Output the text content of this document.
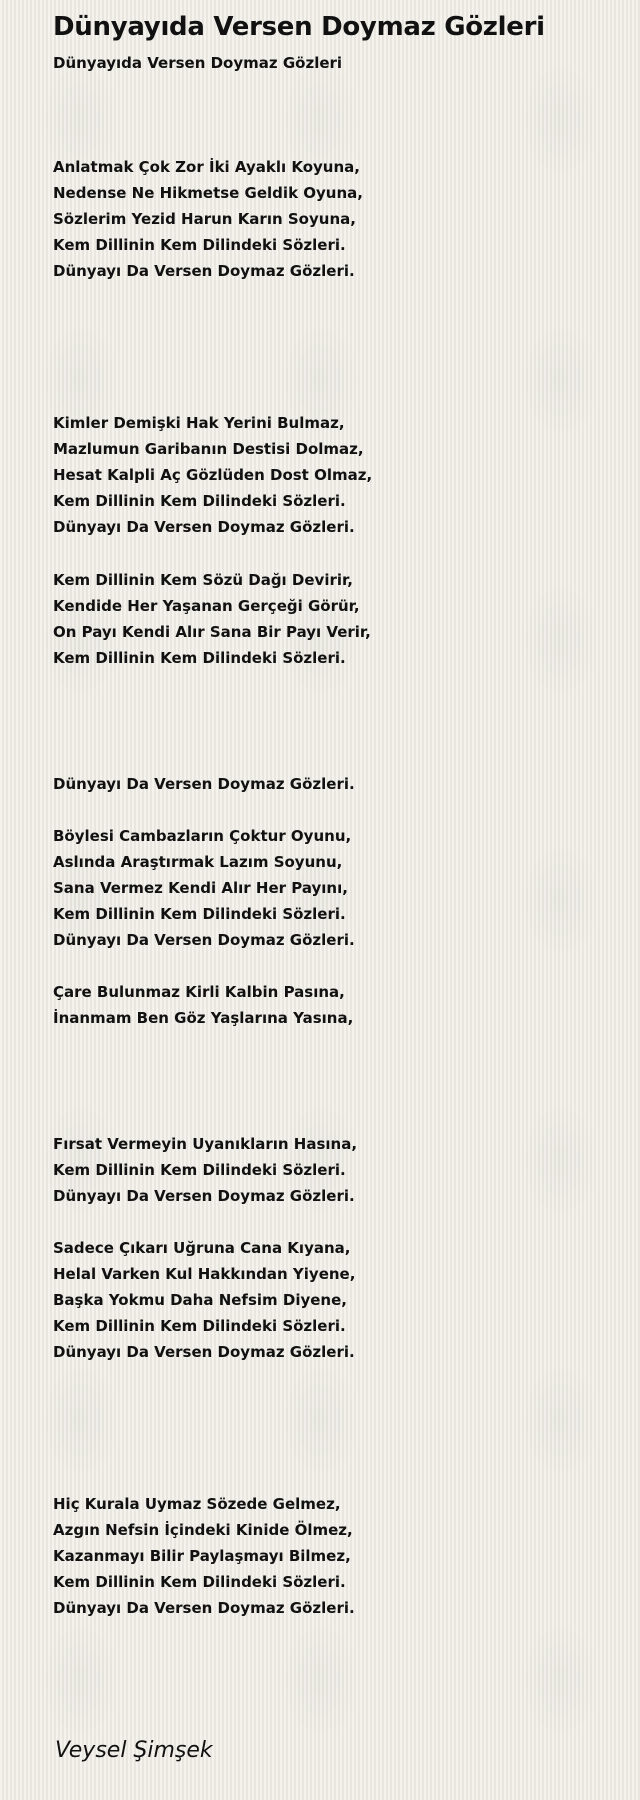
Dünyayıda Versen Doymaz Gözleri

Dünyayıda Versen Doymaz Gözleri

Anlatmak Çok Zor İki Ayaklı Koyuna,

Nedense Ne Hikmetse Geldik Oyuna,

Sözlerim Yezid Harun Karın Soyuna,

Kem Dillinin Kem Dilindeki Sözleri.

Dünyayı Da Versen Doymaz Gözleri.

Kimler Demişki Hak Yerini Bulmaz,

Mazlumun Garibanın Destisi Dolmaz,

Hesat Kalpli Aç Gözlüden Dost Olmaz,

Kem Dillinin Kem Dilindeki Sözleri.

Dünyayı Da Versen Doymaz Gözleri.

Kem Dillinin Kem Sözü Dağı Devirir,

Kendide Her Yaşanan Gerçeği Görür,

On Payı Kendi Alır Sana Bir Payı Verir,

Kem Dillinin Kem Dilindeki Sözleri.

Dünyayı Da Versen Doymaz Gözleri.

Böylesi Cambazların Çoktur Oyunu,

Aslında Araştırmak Lazım Soyunu,

Sana Vermez Kendi Alır Her Payını,

Kem Dillinin Kem Dilindeki Sözleri.

Dünyayı Da Versen Doymaz Gözleri.

Çare Bulunmaz Kirli Kalbin Pasına,

İnanmam Ben Göz Yaşlarına Yasına,

Fırsat Vermeyin Uyanıkların Hasına,

Kem Dillinin Kem Dilindeki Sözleri.

Dünyayı Da Versen Doymaz Gözleri.

Sadece Çıkarı Uğruna Cana Kıyana,

Helal Varken Kul Hakkından Yiyene,

Başka Yokmu Daha Nefsim Diyene,

Kem Dillinin Kem Dilindeki Sözleri.

Dünyayı Da Versen Doymaz Gözleri.

Hiç Kurala Uymaz Sözede Gelmez,

Azgın Nefsin İçindeki Kinide Ölmez,

Kazanmayı Bilir Paylaşmayı Bilmez,

Kem Dillinin Kem Dilindeki Sözleri.

Dünyayı Da Versen Doymaz Gözleri.

Veysel Şimşek
